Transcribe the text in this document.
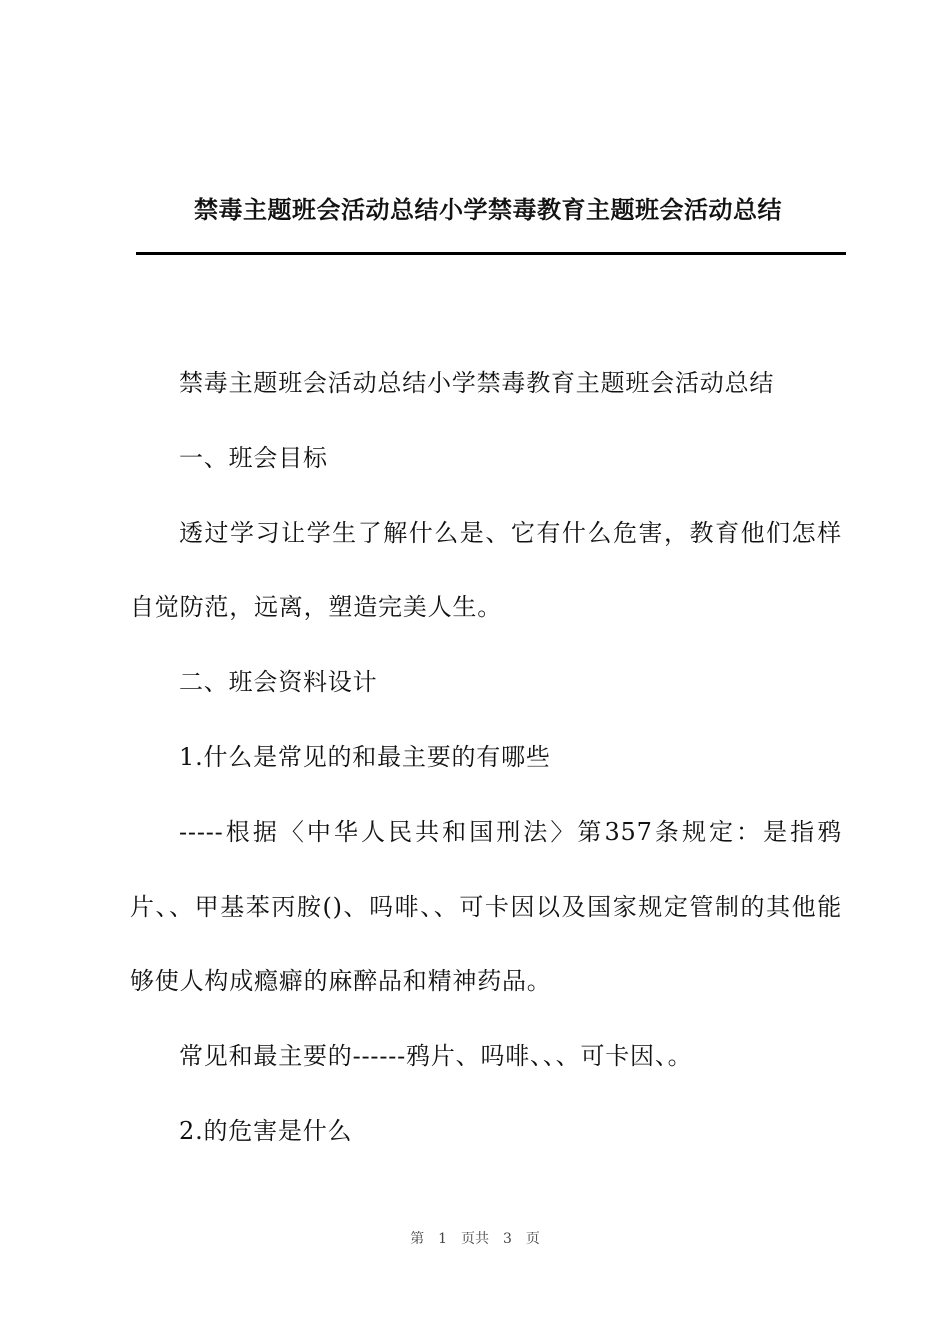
禁毒主题班会活动总结小学禁毒教育主题班会活动总结

禁毒主题班会活动总结小学禁毒教育主题班会活动总结

一、班会目标

透过学习让学生了解什么是、它有什么危害，教育他们怎样自觉防范，远离，塑造完美人生。

二、班会资料设计

1.什么是常见的和最主要的有哪些

-----根据〈中华人民共和国刑法〉第357条规定：是指鸦片、、甲基苯丙胺()、吗啡、、可卡因以及国家规定管制的其他能够使人构成瘾癖的麻醉品和精神药品。

常见和最主要的------鸦片、吗啡、、、可卡因、。

2.的危害是什么

第 1 页共 3 页
